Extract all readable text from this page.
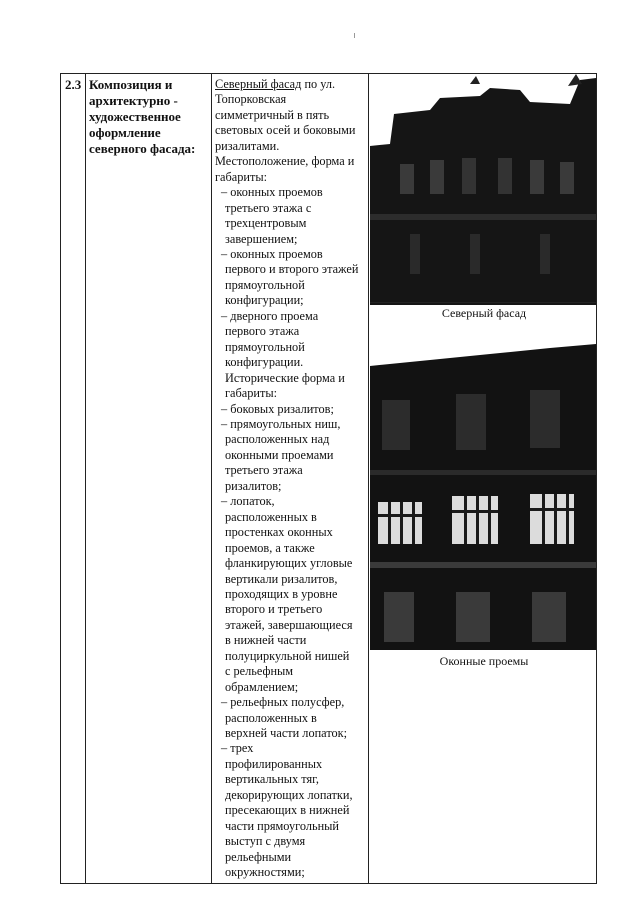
2.3 Композиция и
архитектурно -
художественное
оформление
северного фасада:

Северный фасад по ул.

Топорковская
симметричный в пять
световых осей и боковыми
ризалитами.
Местоположение, форма и
габариты:
– оконных проемов
третьего этажа с
трехцентровым
завершением;
– оконных проемов
первого и второго этажей
прямоугольной
конфигурации;
– дверного проема
первого этажа
прямоугольной
конфигурации.
Исторические форма и
габариты:
– боковых ризалитов;
– прямоугольных ниш,
расположенных над
оконными проемами
третьего этажа
ризалитов;
– лопаток,
расположенных в
простенках оконных
проемов, а также
фланкирующих угловые
вертикали ризалитов,
проходящих в уровне
второго и третьего
этажей, завершающиеся
в нижней части
полуциркульной нишей
с рельефным
обрамлением;
– рельефных полусфер,
расположенных в
верхней части лопаток;
– трех
профилированных
вертикальных тяг,
декорирующих лопатки,
пресекающих в нижней
части прямоугольный
выступ с двумя
рельефными
окружностями;
Северный фасад
Оконные проемы
